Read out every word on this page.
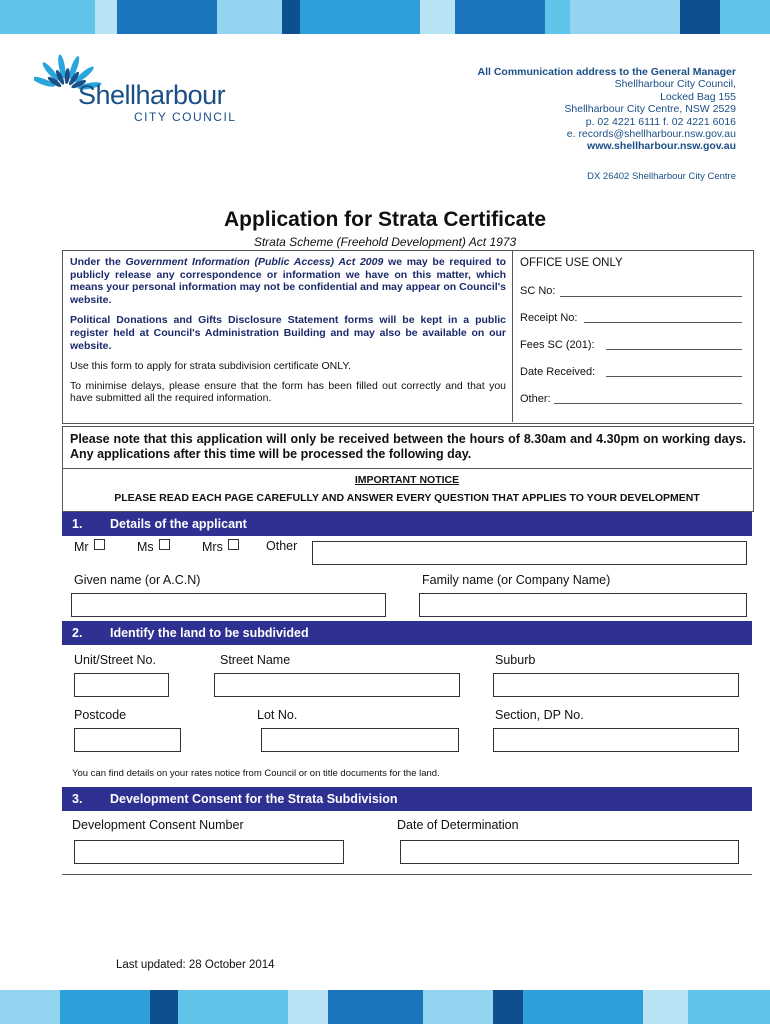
Shellharbour
CITY COUNCIL
All Communication address to the General Manager
Shellharbour City Council,
Locked Bag 155
Shellharbour City Centre, NSW 2529
p. 02 4221 6111 f. 02 4221 6016
e. records@shellharbour.nsw.gov.au
www.shellharbour.nsw.gov.au
DX 26402 Shellharbour City Centre
Application for Strata Certificate
Strata Scheme (Freehold Development) Act 1973

Under the Government Information (Public Access) Act 2009 we may be required to publicly release any correspondence or information we have on this matter, which means your personal information may not be confidential and may appear on Council's website.

Political Donations and Gifts Disclosure Statement forms will be kept in a public register held at Council's Administration Building and may also be available on our website.

Use this form to apply for strata subdivision certificate ONLY.

To minimise delays, please ensure that the form has been filled out correctly and that you have submitted all the required information.

OFFICE USE ONLY
SC No:
Receipt No:
Fees SC (201):
Date Received:
Other:
Please note that this application will only be received between the hours of 8.30am and 4.30pm on working days. Any applications after this time will be processed the following day.
IMPORTANT NOTICE
PLEASE READ EACH PAGE CAREFULLY AND ANSWER EVERY QUESTION THAT APPLIES TO YOUR DEVELOPMENT
1. Details of the applicant
Mr	Ms	Mrs	Other
Given name (or A.C.N)	Family name (or Company Name)
2. Identify the land to be subdivided
Unit/Street No.	Street Name	Suburb
Postcode	Lot No.	Section, DP No.
You can find details on your rates notice from Council or on title documents for the land.
3. Development Consent for the Strata Subdivision
Development Consent Number	Date of Determination
Last updated: 28 October 2014
